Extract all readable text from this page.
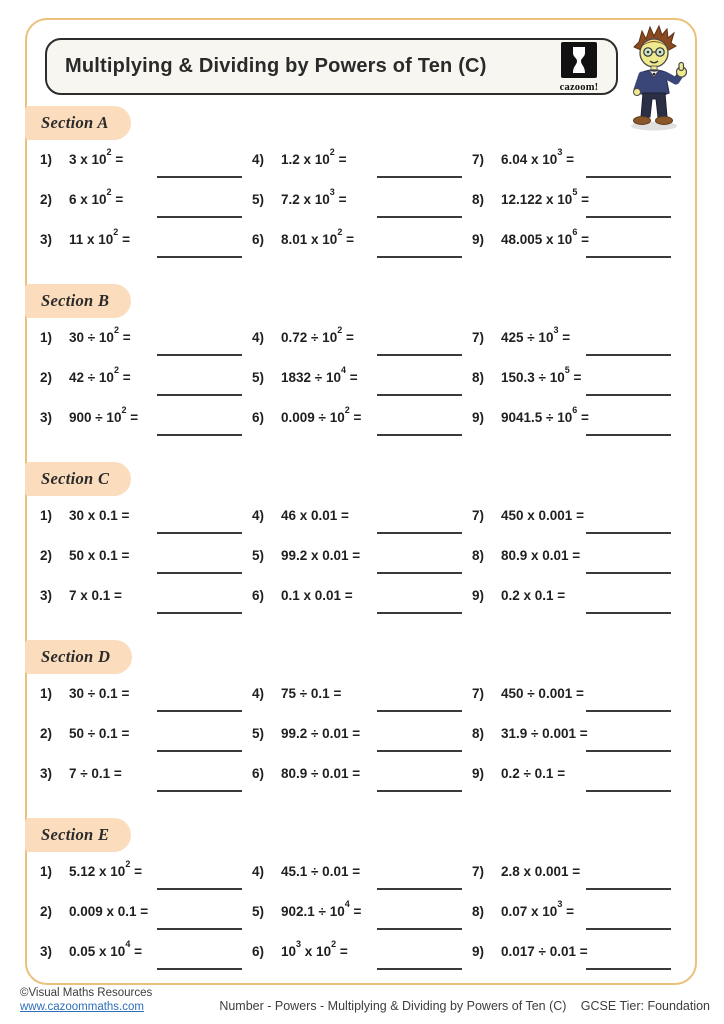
Section A
1) 3 x $10^2$ =
2) 6 x $10^2$ =
3) 11 x $10^2$ =
4) 1.2 x $10^2$ =
5) 7.2 x $10^3$ =
6) 8.01 x $10^2$ =
7) 6.04 x $10^3$ =
8) 12.122 x $10^5$ =
9) 48.005 x $10^6$ =
Section B
1) $30 \div 10^2$ =
2) $42 \div 10^2$ =
3) $900 \div 10^2$ =
4) $0.72 \div 10^2$ =
5) $1832 \div 10^4$ =
6) $0.009 \div 10^2$ =
7) $425 \div 10^3$ =
8) $150.3 \div 10^5$ =
9) $9041.5 \div 10^6$ =
Section C
1) 30 x 0.1 =
2) 50 x 0.1 =
3) 7 x 0.1 =
4) 46 x 0.01 =
5) 99.2 x 0.01 =
6) 0.1 x 0.01 =
7) 450 x 0.001 =
8) 80.9 x 0.01 =
9) 0.2 x 0.1 =
Section D
1) 30 ÷ 0.1 =
2) 50 ÷ 0.1 =
3) 7 ÷ 0.1 =
4) 75 ÷ 0.1 =
5) 99.2 ÷ 0.01 =
6) 80.9 ÷ 0.01 =
7) 450 ÷ 0.001 =
8) 31.9 ÷ 0.001 =
9) 0.2 ÷ 0.1 =
Section E
1) 5.12 x $10^2$ =
2) 0.009 x 0.1 =
3) 0.05 x $10^4$ =
4) 45.1 ÷ 0.01 =
5) $902.1 \div 10^4$ =
6) $10^3$ x $10^2$ =
7) 2.8 x 0.001 =
8) 0.07 x $10^3$ =
9) 0.017 ÷ 0.01 =
Multiplying & Dividing by Powers of Ten (C)
cazoom!
©Visual Maths Resources
www.cazoommaths.com	Number - Powers - Multiplying & Dividing by Powers of Ten (C)	GCSE Tier: Foundation
